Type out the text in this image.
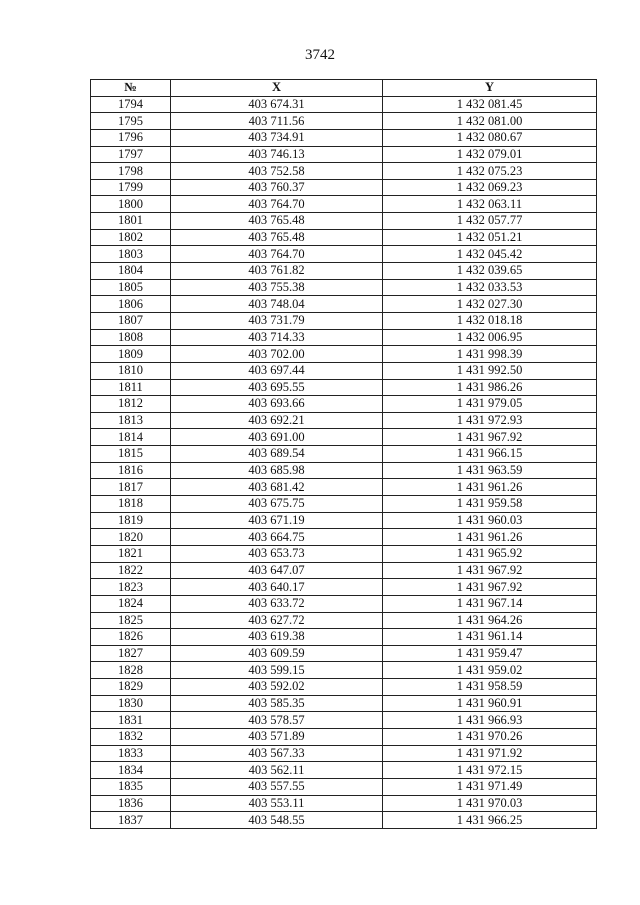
3742
№	X	Y
1794	403 674.31	1 432 081.45
1795	403 711.56	1 432 081.00
1796	403 734.91	1 432 080.67
1797	403 746.13	1 432 079.01
1798	403 752.58	1 432 075.23
1799	403 760.37	1 432 069.23
1800	403 764.70	1 432 063.11
1801	403 765.48	1 432 057.77
1802	403 765.48	1 432 051.21
1803	403 764.70	1 432 045.42
1804	403 761.82	1 432 039.65
1805	403 755.38	1 432 033.53
1806	403 748.04	1 432 027.30
1807	403 731.79	1 432 018.18
1808	403 714.33	1 432 006.95
1809	403 702.00	1 431 998.39
1810	403 697.44	1 431 992.50
1811	403 695.55	1 431 986.26
1812	403 693.66	1 431 979.05
1813	403 692.21	1 431 972.93
1814	403 691.00	1 431 967.92
1815	403 689.54	1 431 966.15
1816	403 685.98	1 431 963.59
1817	403 681.42	1 431 961.26
1818	403 675.75	1 431 959.58
1819	403 671.19	1 431 960.03
1820	403 664.75	1 431 961.26
1821	403 653.73	1 431 965.92
1822	403 647.07	1 431 967.92
1823	403 640.17	1 431 967.92
1824	403 633.72	1 431 967.14
1825	403 627.72	1 431 964.26
1826	403 619.38	1 431 961.14
1827	403 609.59	1 431 959.47
1828	403 599.15	1 431 959.02
1829	403 592.02	1 431 958.59
1830	403 585.35	1 431 960.91
1831	403 578.57	1 431 966.93
1832	403 571.89	1 431 970.26
1833	403 567.33	1 431 971.92
1834	403 562.11	1 431 972.15
1835	403 557.55	1 431 971.49
1836	403 553.11	1 431 970.03
1837	403 548.55	1 431 966.25
